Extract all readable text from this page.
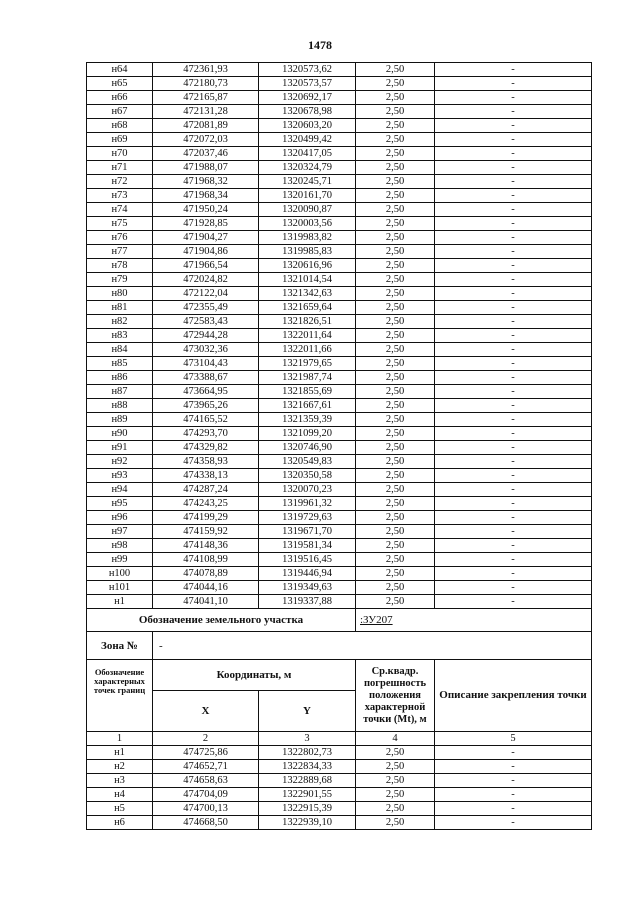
1478
н64	472361,93	1320573,62	2,50	-
н65	472180,73	1320573,57	2,50	-
н66	472165,87	1320692,17	2,50	-
н67	472131,28	1320678,98	2,50	-
н68	472081,89	1320603,20	2,50	-
н69	472072,03	1320499,42	2,50	-
н70	472037,46	1320417,05	2,50	-
н71	471988,07	1320324,79	2,50	-
н72	471968,32	1320245,71	2,50	-
н73	471968,34	1320161,70	2,50	-
н74	471950,24	1320090,87	2,50	-
н75	471928,85	1320003,56	2,50	-
н76	471904,27	1319983,82	2,50	-
н77	471904,86	1319985,83	2,50	-
н78	471966,54	1320616,96	2,50	-
н79	472024,82	1321014,54	2,50	-
н80	472122,04	1321342,63	2,50	-
н81	472355,49	1321659,64	2,50	-
н82	472583,43	1321826,51	2,50	-
н83	472944,28	1322011,64	2,50	-
н84	473032,36	1322011,66	2,50	-
н85	473104,43	1321979,65	2,50	-
н86	473388,67	1321987,74	2,50	-
н87	473664,95	1321855,69	2,50	-
н88	473965,26	1321667,61	2,50	-
н89	474165,52	1321359,39	2,50	-
н90	474293,70	1321099,20	2,50	-
н91	474329,82	1320746,90	2,50	-
н92	474358,93	1320549,83	2,50	-
н93	474338,13	1320350,58	2,50	-
н94	474287,24	1320070,23	2,50	-
н95	474243,25	1319961,32	2,50	-
н96	474199,29	1319729,63	2,50	-
н97	474159,92	1319671,70	2,50	-
н98	474148,36	1319581,34	2,50	-
н99	474108,99	1319516,45	2,50	-
н100	474078,89	1319446,94	2,50	-
н101	474044,16	1319349,63	2,50	-
н1	474041,10	1319337,88	2,50	-
Обозначение земельного участка			:ЗУ207	
Зона №	-			
Обозначение характерных точек границ	Координаты, м		Ср.квадр. погрешность положения характерной точки (Mt), м	Описание закрепления точки
	X	Y		
1	2	3	4	5
н1	474725,86	1322802,73	2,50	-
н2	474652,71	1322834,33	2,50	-
н3	474658,63	1322889,68	2,50	-
н4	474704,09	1322901,55	2,50	-
н5	474700,13	1322915,39	2,50	-
н6	474668,50	1322939,10	2,50	-
